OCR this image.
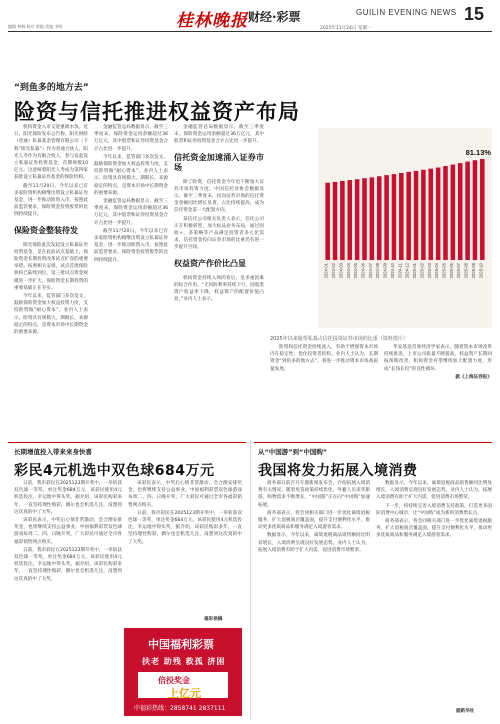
编辑 林枫·校对 黄振·美编 韦明	桂林晚报 财经·彩票
2025年11月24日 星期一
GUILIN EVENING NEWS 15
“到鱼多的地方去”
险资与信托推进权益资产布局

机构资金入市又迎重磅水伐。近日，阳光保险发布公告称，阳光财险（普通）私募基金管理有限公司（下称“阳光私募”）作为普通合伙人，阳光人寿作为有限合伙人，参与发起设立私募证券投资基金，首期规模10亿元。这意味着阳光人寿成为第四家获批设立私募证券基金的保险机构。

截至11月20日，今年以来已有多家险资机构相继出资设立私募证券基金，进一步推动险资入市，按照此前监管要求，保险资金投资股票的比例持续提升。

保险资金整装待发

阳光保险此次发起设立私募证券投资基金，是在此前试点基础上，保险资金长期投资改革试点扩容的重要举措。按照相关安排，试点首批保险机构已陆续到位，第三批试点资金规模进一步扩大，保险资金长期投资的重要基础正在夯实。

今年以来，监管部门多次发文，鼓励保险资金加大权益投资力度，支持险资做“耐心资本”。业内人士表示，险资具有规模大、期限长、来源稳定的特点，是资本市场中长期资金的重要来源。

金融监管总局数据显示，截至三季度末，保险资金运用余额超过36万亿元，其中股票和证券投资基金合计占比进一步提升。

今年以来，监管部门多次发文，鼓励保险资金加大权益投资力度，支持险资做“耐心资本”。业内人士表示，险资具有规模大、期限长、来源稳定的特点，是资本市场中长期资金的重要来源。

金融监管总局数据显示，截至三季度末，保险资金运用余额超过36万亿元，其中股票和证券投资基金合计占比进一步提升。

截至11月20日，今年以来已有多家险资机构相继出资设立私募证券基金，进一步推动险资入市，按照此前监管要求，保险资金投资股票的比例持续提升。

金融监管总局数据显示，截至三季度末，保险资金运用余额超过36万亿元，其中股票和证券投资基金合计占比进一步提升。

信托资金加速涌入证券市场

除了险资，信托资金今年也不断加大证券市场投资力度。中国信托业协会数据显示，截至三季度末，投向证券市场的信托资金余额同比增长显著，占比持续提高，成为信托资金第一大配置方向。

某信托公司相关负责人表示，信托公司正在积极转型，加大标品业务布局，通过固收+、多策略等产品满足投资者多元化需求，信托资金投向证券市场的比重仍有进一步提升空间。

权益资产作价比凸显

机构资金持续入场的背后，是多重因素的综合作用。“无风险利率持续下行，固收类资产收益率下降，权益资产的配置价值凸显，”业内人士表示。

2024-01 2024-02 2024-03 2024-04 2024-05 2024-06 2024-07 2024-08 2024-09 2024-10 2024-11 2024-12 2025-01 2025-02 2025-03 2025-04 2025-05 2025-06 2025-07 2025-08 2025-09 2025-10
81.13%
2025年以来股票私募占信托投资证券市场的比重（资料图片）

险资和信托资金持续流入，有助于增强资本市场内在稳定性，优化投资者结构。业内人士认为，长期资金“到鱼多的地方去”，将进一步推动资本市场高质量发展。

华安基金首席经济学家表示，随着资本市场改革持续推进，上市公司质量不断提高，权益资产长期回报预期改善，机构资金有望继续加大配置力度，形成“长钱长投”的良性循环。

据《上海证券报》

长期增值投入带来来身快喜
彩民4元机选中双色球684万元

日前，我市彩民在2025123期开奖中，一举斩获双色球一等奖，单注奖金684万元，该彩民使用4元机选投注，幸运地中得头奖。据介绍，该彩民购彩多年，一直坚持理性购彩，偶尔也会机选几注，没想到这次真的中了大奖。

该彩民表示，中奖后心情非常激动，会合理安排奖金，也将继续支持公益事业。中国福利彩票双色球游戏每周二、四、日晚开奖，广大彩民可通过全市各福彩销售网点购买。

日前，我市彩民在2025123期开奖中，一举斩获双色球一等奖，单注奖金684万元，该彩民使用4元机选投注，幸运地中得头奖。据介绍，该彩民购彩多年，一直坚持理性购彩，偶尔也会机选几注，没想到这次真的中了大奖。

该彩民表示，中奖后心情非常激动，会合理安排奖金，也将继续支持公益事业。中国福利彩票双色球游戏每周二、四、日晚开奖，广大彩民可通过全市各福彩销售网点购买。

日前，我市彩民在2025123期开奖中，一举斩获双色球一等奖，单注奖金684万元，该彩民使用4元机选投注，幸运地中得头奖。据介绍，该彩民购彩多年，一直坚持理性购彩，偶尔也会机选几注，没想到这次真的中了大奖。

福彩供稿
中国福利彩票
扶老 助残 救孤 济困
倍投奖金
上亿元
中福彩热线：2858741 2837111
从“中国游”到“中国购”
我国将发力拓展入境消费

商务部日前召开专题新闻发布会，介绍拓展入境消费有关情况。随着免签政策持续优化，外籍人员来华旅游、购物需求不断增长，“中国游”正在向“中国购”加速拓展。

商务部表示，将会同相关部门进一步优化离境退税服务，扩大退税商店覆盖面，提升支付便利化水平，推动更多优质商品和服务满足入境游客需求。

数据显示，今年以来，离境退税商品销售额同比明显增长，入境消费呈现良好发展态势。业内人士认为，拓展入境消费有助于扩大内需，促进消费市场繁荣。

数据显示，今年以来，离境退税商品销售额同比明显增长，入境消费呈现良好发展态势。业内人士认为，拓展入境消费有助于扩大内需，促进消费市场繁荣。

下一步，将持续完善入境消费支持政策，打造更多国际消费中心城市，让“中国购”成为新的消费增长点。

商务部表示，将会同相关部门进一步优化离境退税服务，扩大退税商店覆盖面，提升支付便利化水平，推动更多优质商品和服务满足入境游客需求。

据新华社
